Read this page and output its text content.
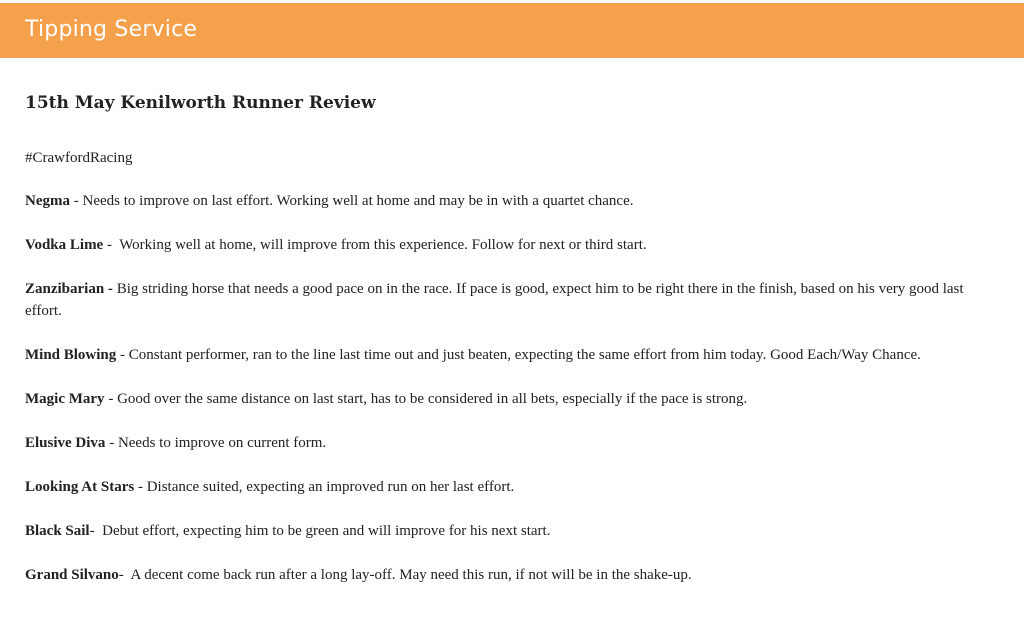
Tipping Service
15th May Kenilworth Runner Review
#CrawfordRacing
Negma - Needs to improve on last effort. Working well at home and may be in with a quartet chance.
Vodka Lime -  Working well at home, will improve from this experience. Follow for next or third start.
Zanzibarian - Big striding horse that needs a good pace on in the race. If pace is good, expect him to be right there in the finish, based on his very good last effort.
Mind Blowing - Constant performer, ran to the line last time out and just beaten, expecting the same effort from him today. Good Each/Way Chance.
Magic Mary - Good over the same distance on last start, has to be considered in all bets, especially if the pace is strong.
Elusive Diva - Needs to improve on current form.
Looking At Stars - Distance suited, expecting an improved run on her last effort.
Black Sail-  Debut effort, expecting him to be green and will improve for his next start.
Grand Silvano-  A decent come back run after a long lay-off. May need this run, if not will be in the shake-up.
